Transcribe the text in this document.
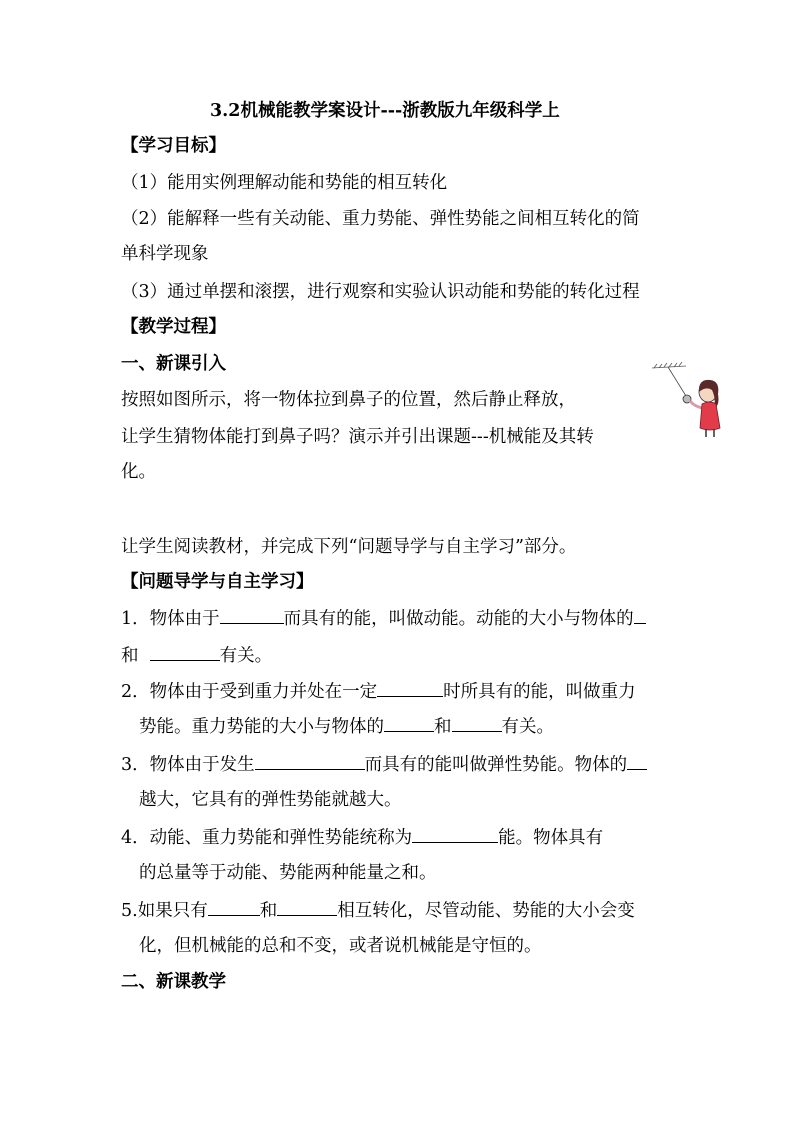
3.2机械能教学案设计---浙教版九年级科学上
【学习目标】
（1）能用实例理解动能和势能的相互转化
（2）能解释一些有关动能、重力势能、弹性势能之间相互转化的简
单科学现象
（3）通过单摆和滚摆，进行观察和实验认识动能和势能的转化过程
【教学过程】
一、新课引入
按照如图所示，将一物体拉到鼻子的位置，然后静止释放，
让学生猜物体能打到鼻子吗？演示并引出课题---机械能及其转
化。
让学生阅读教材，并完成下列“问题导学与自主学习”部分。
【问题导学与自主学习】
1．物体由于	而具有的能，叫做动能。动能的大小与物体的
和	有关。
2．物体由于受到重力并处在一定	时所具有的能，叫做重力
势能。重力势能的大小与物体的	和	有关。
3．物体由于发生	而具有的能叫做弹性势能。物体的
越大，它具有的弹性势能就越大。
4．动能、重力势能和弹性势能统称为	能。物体具有
的总量等于动能、势能两种能量之和。
5.如果只有	和	相互转化，尽管动能、势能的大小会变
化，但机械能的总和不变，或者说机械能是守恒的。
二、新课教学
